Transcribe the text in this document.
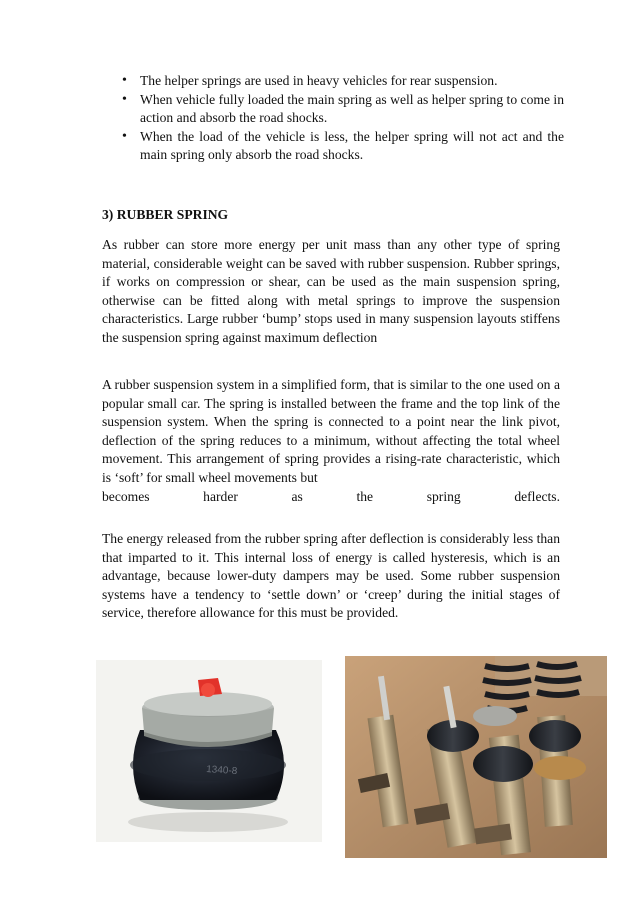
• The helper springs are used in heavy vehicles for rear suspension.
• When vehicle fully loaded the main spring as well as helper spring to come in action and absorb the road shocks.
• When the load of the vehicle is less, the helper spring will not act and the main spring only absorb the road shocks.
3) RUBBER SPRING

As rubber can store more energy per unit mass than any other type of spring material, considerable weight can be saved with rubber suspension. Rubber springs, if works on compression or shear, can be used as the main suspension spring, otherwise can be fitted along with metal springs to improve the suspension characteristics. Large rubber ‘bump’ stops used in many suspension layouts stiffens the suspension spring against maximum deflection

A rubber suspension system in a simplified form, that is similar to the one used on a popular small car. The spring is installed between the frame and the top link of the suspension system. When the spring is connected to a point near the link pivot, deflection of the spring reduces to a minimum, without affecting the total wheel movement. This arrangement of spring provides a rising-rate characteristic, which is ‘soft’ for small wheel movements but
becomes harder as the spring deflects.

The energy released from the rubber spring after deflection is considerably less than that imparted to it. This internal loss of energy is called hysteresis, which is an advantage, because lower-duty dampers may be used. Some rubber suspension systems have a tendency to ‘settle down’ or ‘creep’ during the initial stages of service, therefore allowance for this must be provided.

1340-8
